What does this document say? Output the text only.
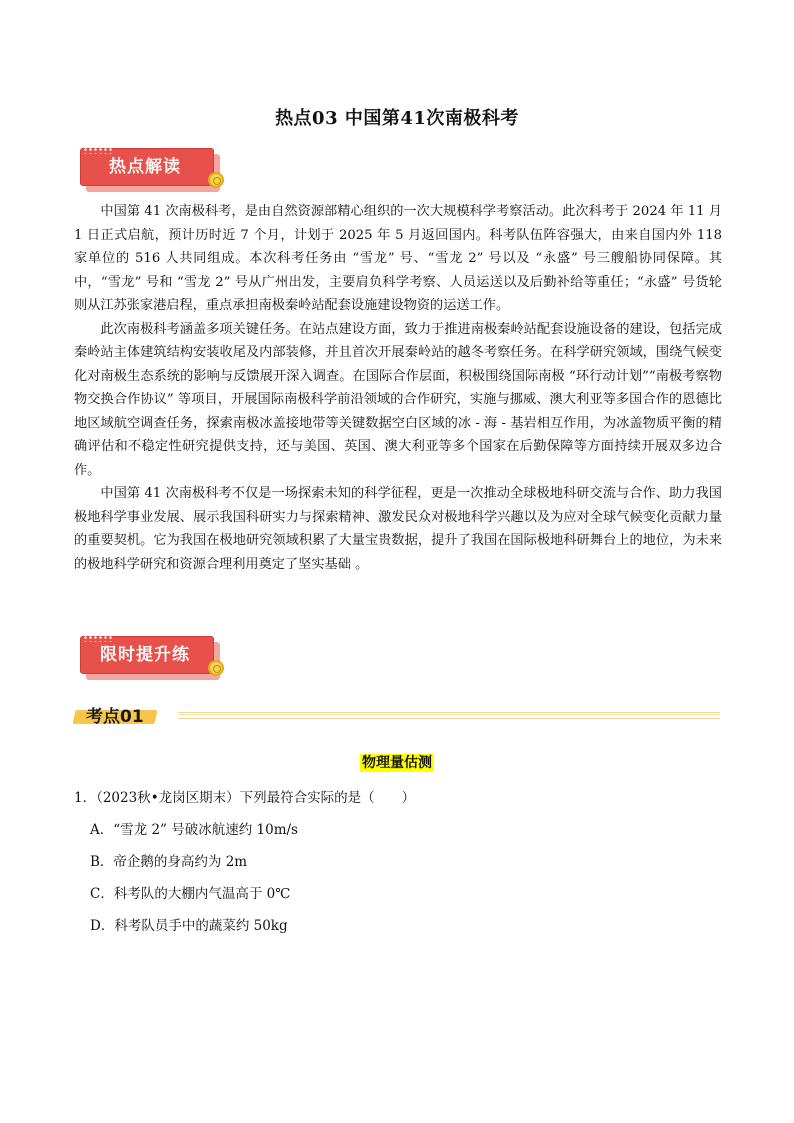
热点03 中国第41次南极科考
热点解读

中国第 41 次南极科考，是由自然资源部精心组织的一次大规模科学考察活动。此次科考于 2024 年 11 月 1 日正式启航，预计历时近 7 个月，计划于 2025 年 5 月返回国内。科考队伍阵容强大，由来自国内外 118 家单位的 516 人共同组成。本次科考任务由 “雪龙” 号、“雪龙 2” 号以及 “永盛” 号三艘船协同保障。其中，“雪龙” 号和 “雪龙 2” 号从广州出发，主要肩负科学考察、人员运送以及后勤补给等重任；“永盛” 号货轮则从江苏张家港启程，重点承担南极秦岭站配套设施建设物资的运送工作。

此次南极科考涵盖多项关键任务。在站点建设方面，致力于推进南极秦岭站配套设施设备的建设，包括完成秦岭站主体建筑结构安装收尾及内部装修，并且首次开展秦岭站的越冬考察任务。在科学研究领域，围绕气候变化对南极生态系统的影响与反馈展开深入调查。在国际合作层面，积极围绕国际南极 “环行动计划”“南极考察物物交换合作协议” 等项目，开展国际南极科学前沿领域的合作研究，实施与挪威、澳大利亚等多国合作的恩德比地区域航空调查任务，探索南极冰盖接地带等关键数据空白区域的冰 - 海 - 基岩相互作用，为冰盖物质平衡的精确评估和不稳定性研究提供支持，还与美国、英国、澳大利亚等多个国家在后勤保障等方面持续开展双多边合作。

中国第 41 次南极科考不仅是一场探索未知的科学征程，更是一次推动全球极地科研交流与合作、助力我国极地科学事业发展、展示我国科研实力与探索精神、激发民众对极地科学兴趣以及为应对全球气候变化贡献力量的重要契机。它为我国在极地研究领域积累了大量宝贵数据，提升了我国在国际极地科研舞台上的地位，为未来的极地科学研究和资源合理利用奠定了坚实基础 。

限时提升练
考点01
物理量估测
1．（2023秋•龙岗区期末）下列最符合实际的是（　　）
A．“雪龙 2” 号破冰航速约 10m/s
B．帝企鹅的身高约为 2m
C．科考队的大棚内气温高于 0℃
D．科考队员手中的蔬菜约 50kg
